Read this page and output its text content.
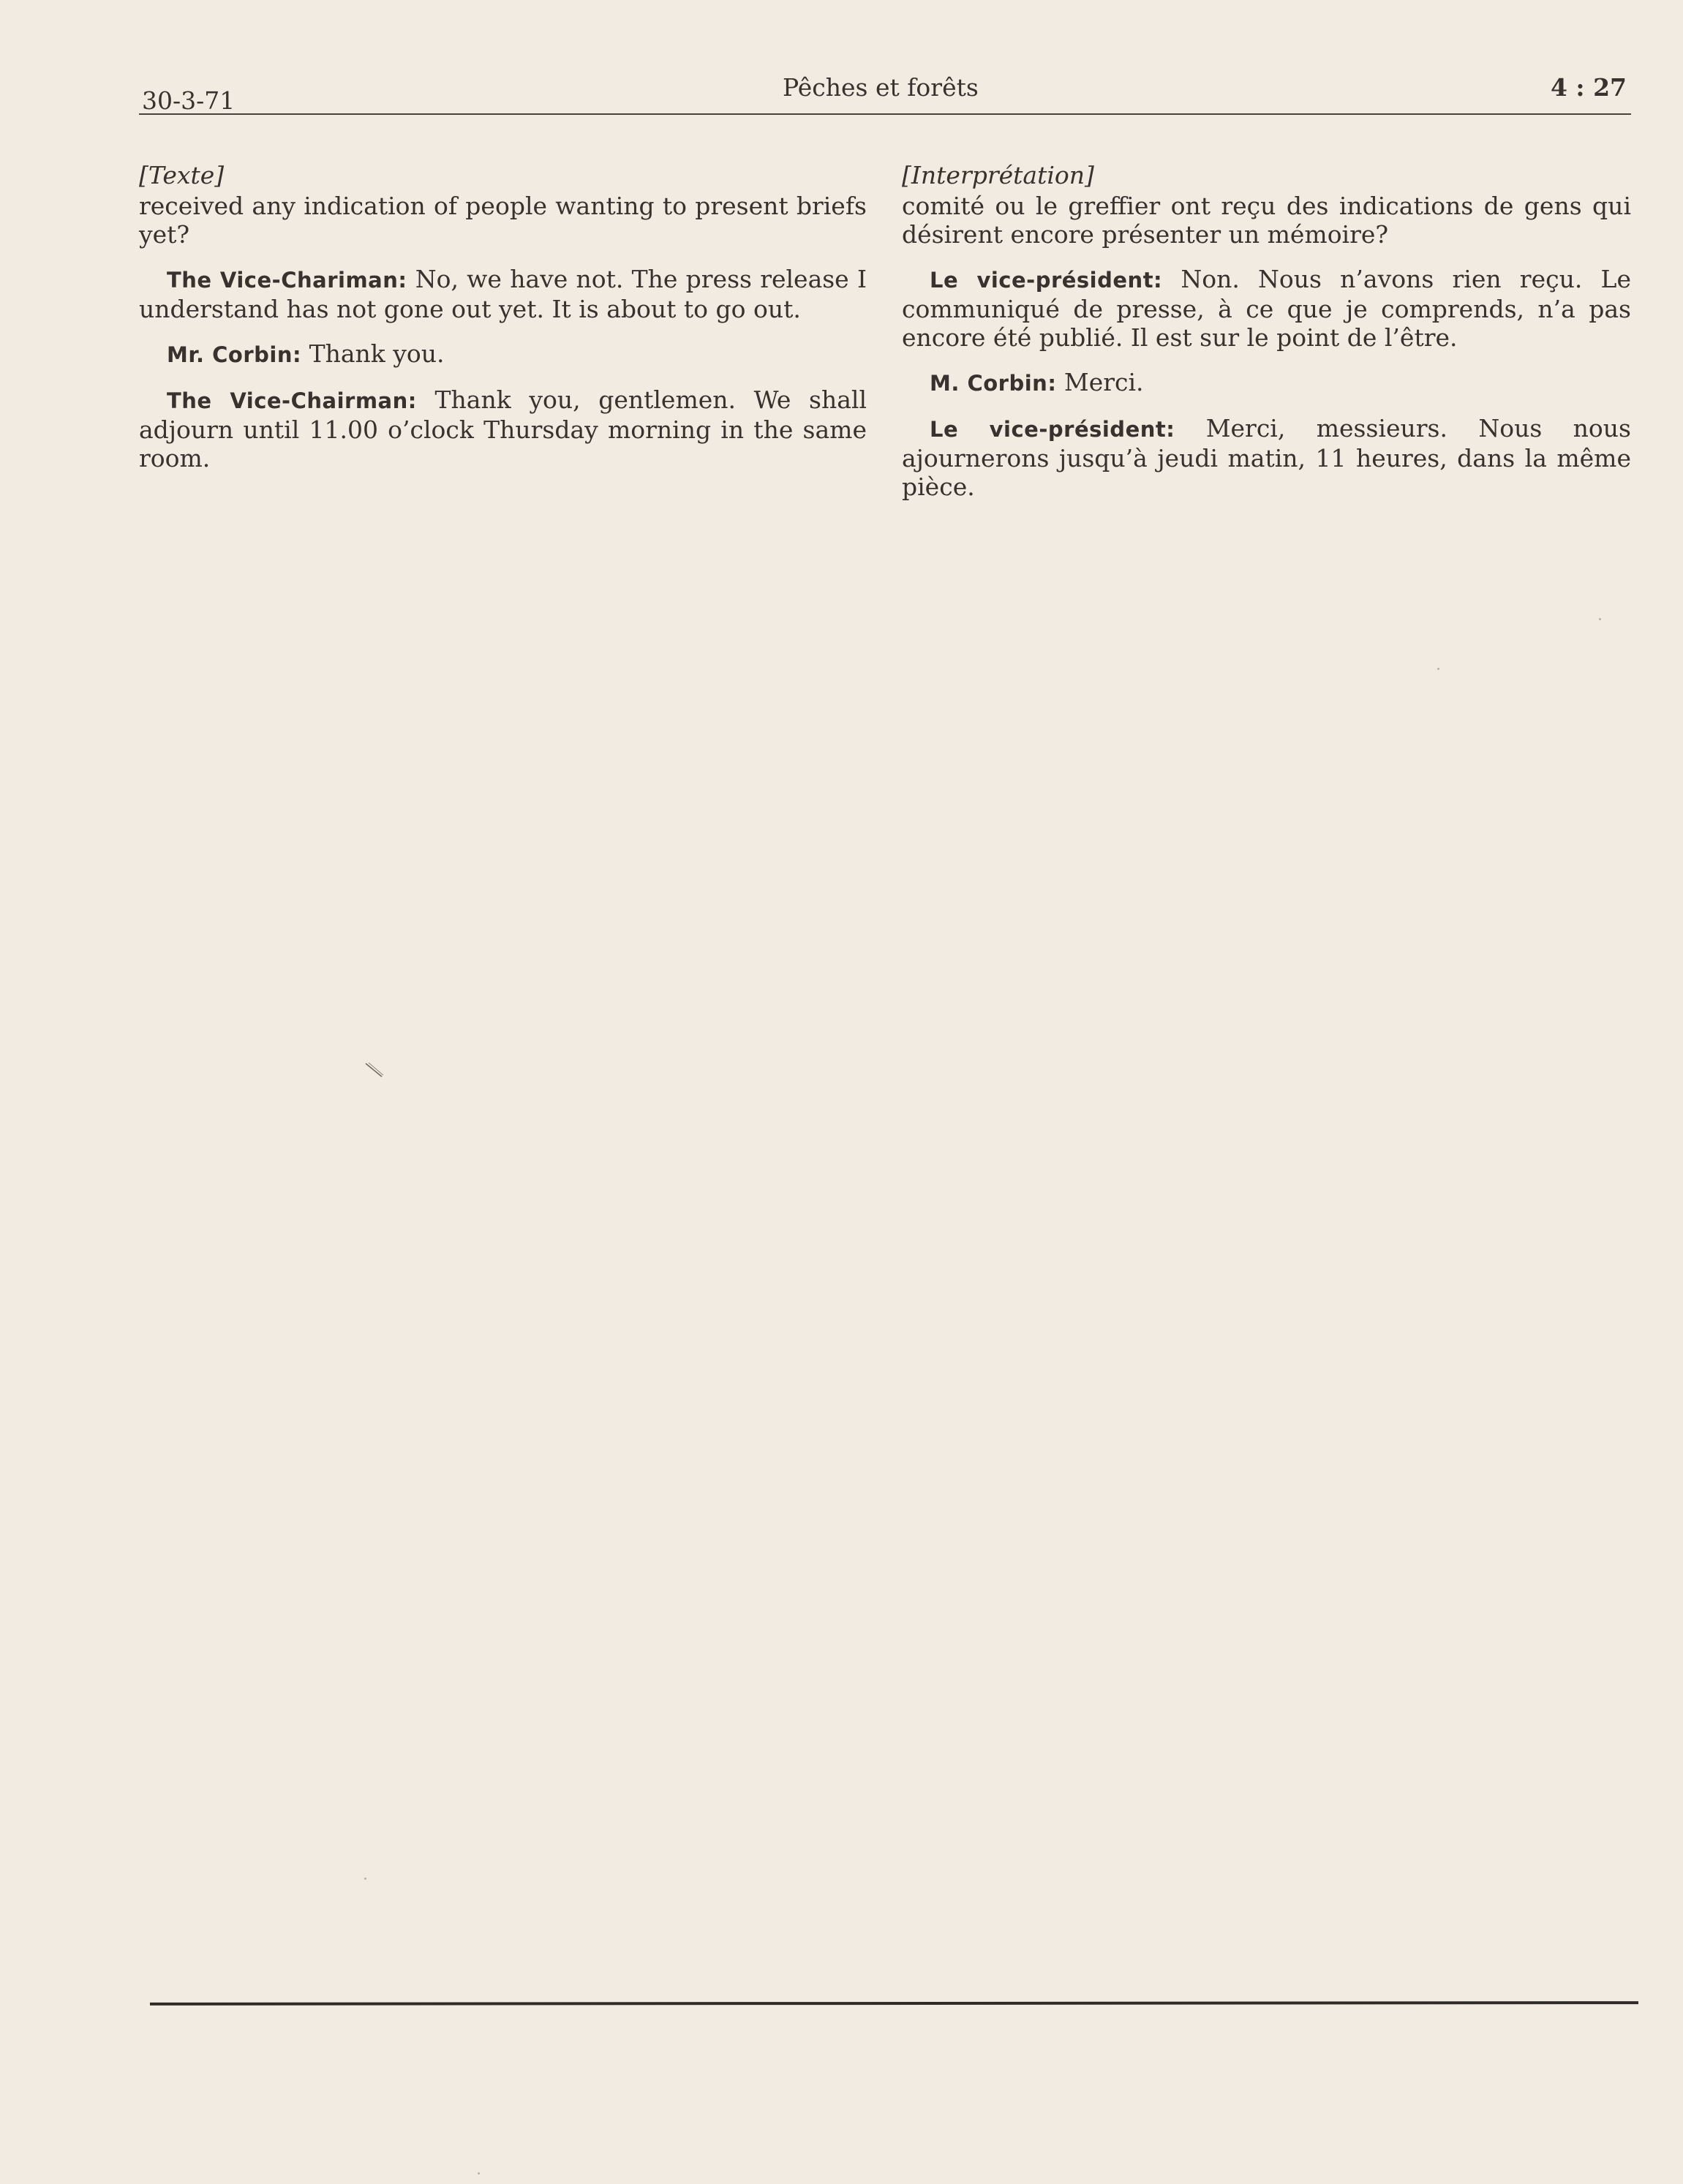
30-3-71	Pêches et forêts	4 : 27
[Texte]

received any indication of people wanting to present briefs yet?

The Vice-Chariman: No, we have not. The press release I understand has not gone out yet. It is about to go out.

Mr. Corbin: Thank you.

The Vice-Chairman: Thank you, gentlemen. We shall adjourn until 11.00 o’clock Thursday morning in the same room.

[Interprétation]

comité ou le greffier ont reçu des indications de gens qui désirent encore présenter un mémoire?

Le vice-président: Non. Nous n’avons rien reçu. Le communiqué de presse, à ce que je comprends, n’a pas encore été publié. Il est sur le point de l’être.

M. Corbin: Merci.

Le vice-président: Merci, messieurs. Nous nous ajournerons jusqu’à jeudi matin, 11 heures, dans la même pièce.
